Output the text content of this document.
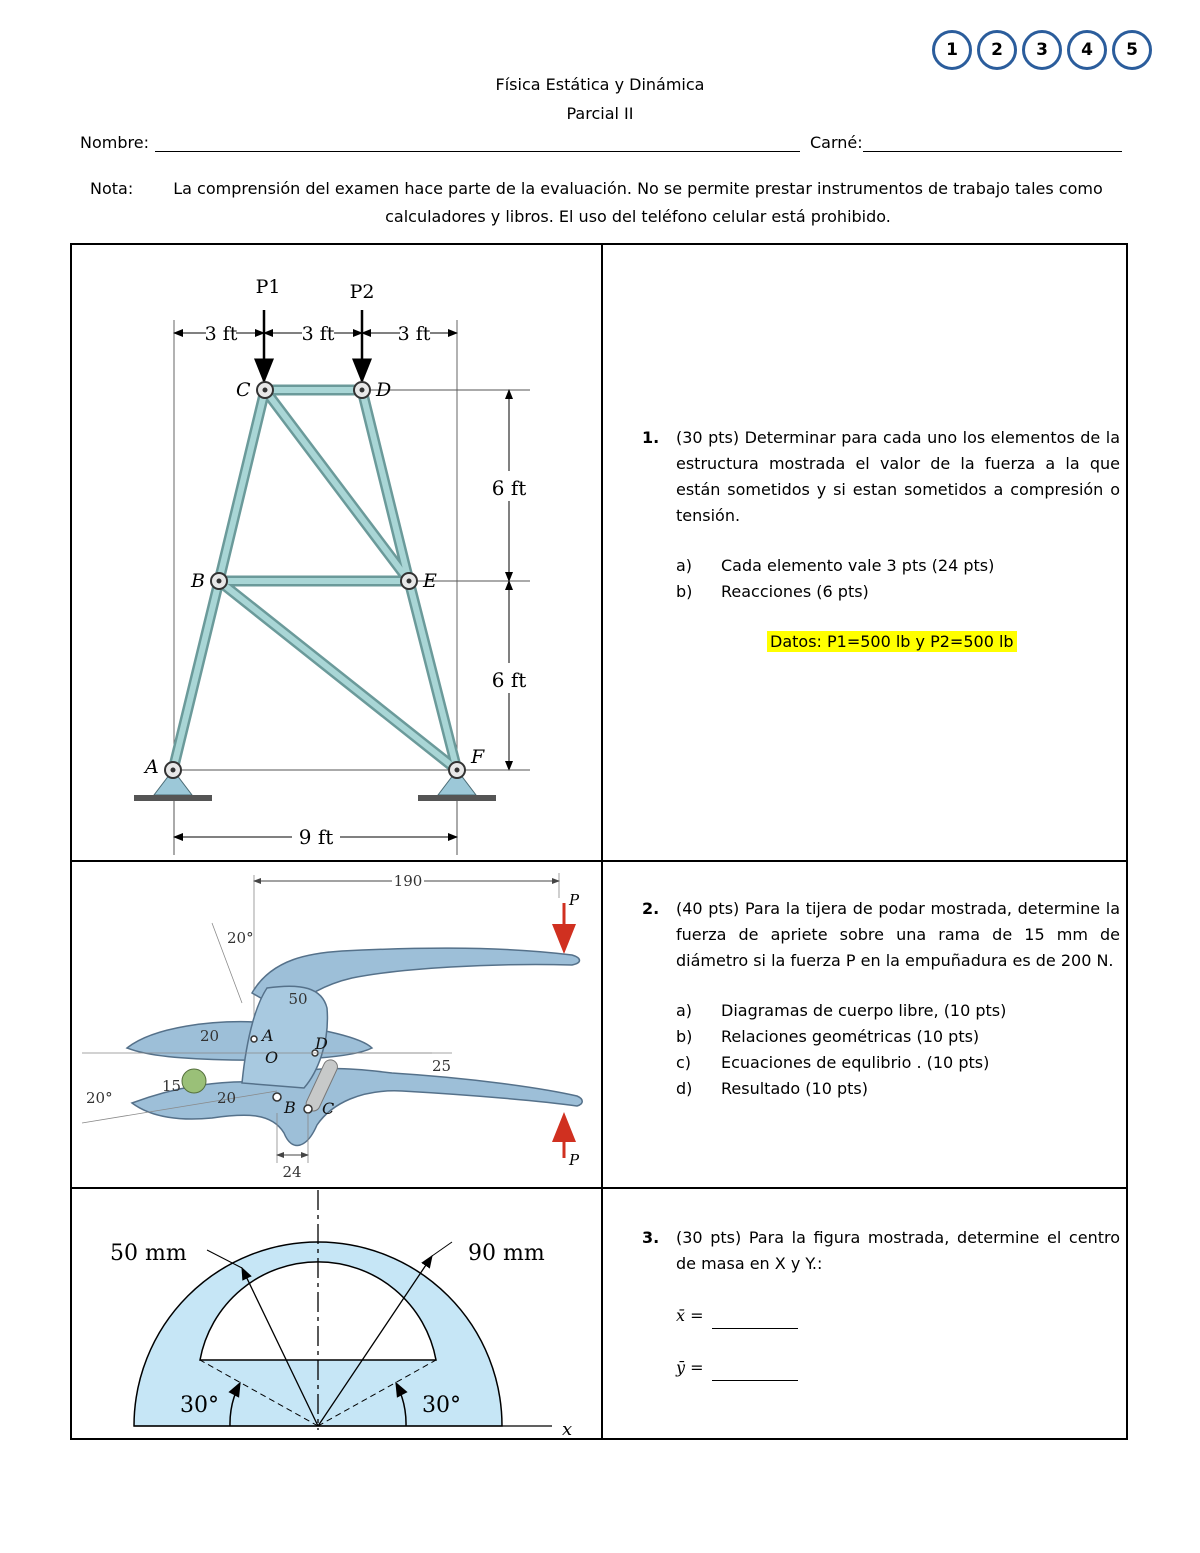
1	2	3	4	5
Física Estática y Dinámica
Parcial II
Nombre:	Carné:
Nota:	La comprensión del examen hace parte de la evaluación. No se permite prestar instrumentos de trabajo tales como calculadores y libros. El uso del teléfono celular está prohibido.
3 ft	3 ft	3 ft
P1	P2
6 ft
6 ft
9 ft
A
B
C	D
E
F
190
P
20°
50
20
25
15
20
24
20°
A
O
D
B C
P
x
50 mm	90 mm
30°	30°
1. (30 pts) Determinar para cada uno los elementos de la estructura mostrada el valor de la fuerza a la que están sometidos y si estan sometidos a compresión o tensión.
a) Cada elemento vale 3 pts (24 pts)
b) Reacciones (6 pts)
Datos: P1=500 lb y P2=500 lb
2. (40 pts) Para la tijera de podar mostrada, determine la fuerza de apriete sobre una rama de 15 mm de diámetro si la fuerza P en la empuñadura es de 200 N.
a) Diagramas de cuerpo libre, (10 pts)
b) Relaciones geométricas (10 pts)
c) Ecuaciones de equlibrio . (10 pts)
d) Resultado (10 pts)
3. (30 pts) Para la figura mostrada, determine el centro de masa en X y Y.:
x̄ =
ȳ =
